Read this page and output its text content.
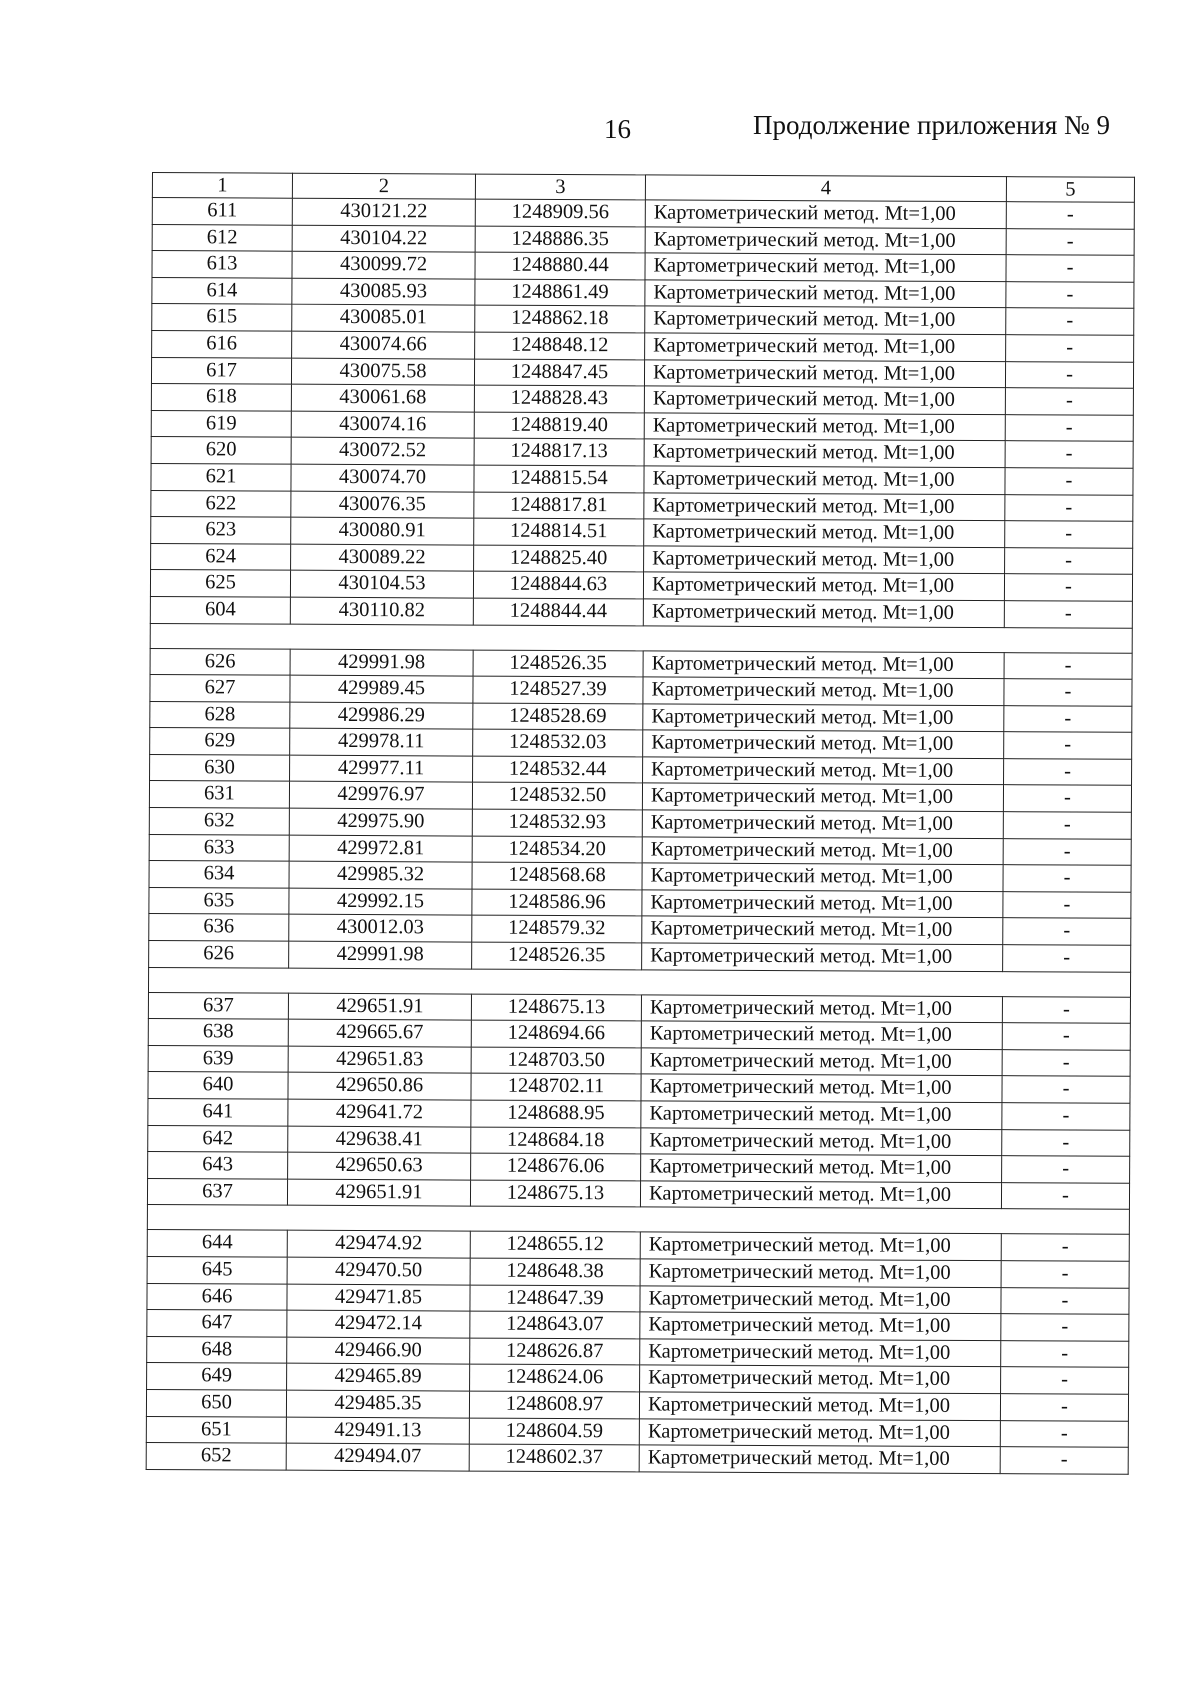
16	Продолжение приложения № 9
1	2	3	4	5
611	430121.22	1248909.56	Картометрический метод. Mt=1,00	-
612	430104.22	1248886.35	Картометрический метод. Mt=1,00	-
613	430099.72	1248880.44	Картометрический метод. Mt=1,00	-
614	430085.93	1248861.49	Картометрический метод. Mt=1,00	-
615	430085.01	1248862.18	Картометрический метод. Mt=1,00	-
616	430074.66	1248848.12	Картометрический метод. Mt=1,00	-
617	430075.58	1248847.45	Картометрический метод. Mt=1,00	-
618	430061.68	1248828.43	Картометрический метод. Mt=1,00	-
619	430074.16	1248819.40	Картометрический метод. Mt=1,00	-
620	430072.52	1248817.13	Картометрический метод. Mt=1,00	-
621	430074.70	1248815.54	Картометрический метод. Mt=1,00	-
622	430076.35	1248817.81	Картометрический метод. Mt=1,00	-
623	430080.91	1248814.51	Картометрический метод. Mt=1,00	-
624	430089.22	1248825.40	Картометрический метод. Mt=1,00	-
625	430104.53	1248844.63	Картометрический метод. Mt=1,00	-
604	430110.82	1248844.44	Картометрический метод. Mt=1,00	-

626	429991.98	1248526.35	Картометрический метод. Mt=1,00	-
627	429989.45	1248527.39	Картометрический метод. Mt=1,00	-
628	429986.29	1248528.69	Картометрический метод. Mt=1,00	-
629	429978.11	1248532.03	Картометрический метод. Mt=1,00	-
630	429977.11	1248532.44	Картометрический метод. Mt=1,00	-
631	429976.97	1248532.50	Картометрический метод. Mt=1,00	-
632	429975.90	1248532.93	Картометрический метод. Mt=1,00	-
633	429972.81	1248534.20	Картометрический метод. Mt=1,00	-
634	429985.32	1248568.68	Картометрический метод. Mt=1,00	-
635	429992.15	1248586.96	Картометрический метод. Mt=1,00	-
636	430012.03	1248579.32	Картометрический метод. Mt=1,00	-
626	429991.98	1248526.35	Картометрический метод. Mt=1,00	-

637	429651.91	1248675.13	Картометрический метод. Mt=1,00	-
638	429665.67	1248694.66	Картометрический метод. Mt=1,00	-
639	429651.83	1248703.50	Картометрический метод. Mt=1,00	-
640	429650.86	1248702.11	Картометрический метод. Mt=1,00	-
641	429641.72	1248688.95	Картометрический метод. Mt=1,00	-
642	429638.41	1248684.18	Картометрический метод. Mt=1,00	-
643	429650.63	1248676.06	Картометрический метод. Mt=1,00	-
637	429651.91	1248675.13	Картометрический метод. Mt=1,00	-

644	429474.92	1248655.12	Картометрический метод. Mt=1,00	-
645	429470.50	1248648.38	Картометрический метод. Mt=1,00	-
646	429471.85	1248647.39	Картометрический метод. Mt=1,00	-
647	429472.14	1248643.07	Картометрический метод. Mt=1,00	-
648	429466.90	1248626.87	Картометрический метод. Mt=1,00	-
649	429465.89	1248624.06	Картометрический метод. Mt=1,00	-
650	429485.35	1248608.97	Картометрический метод. Mt=1,00	-
651	429491.13	1248604.59	Картометрический метод. Mt=1,00	-
652	429494.07	1248602.37	Картометрический метод. Mt=1,00	-
